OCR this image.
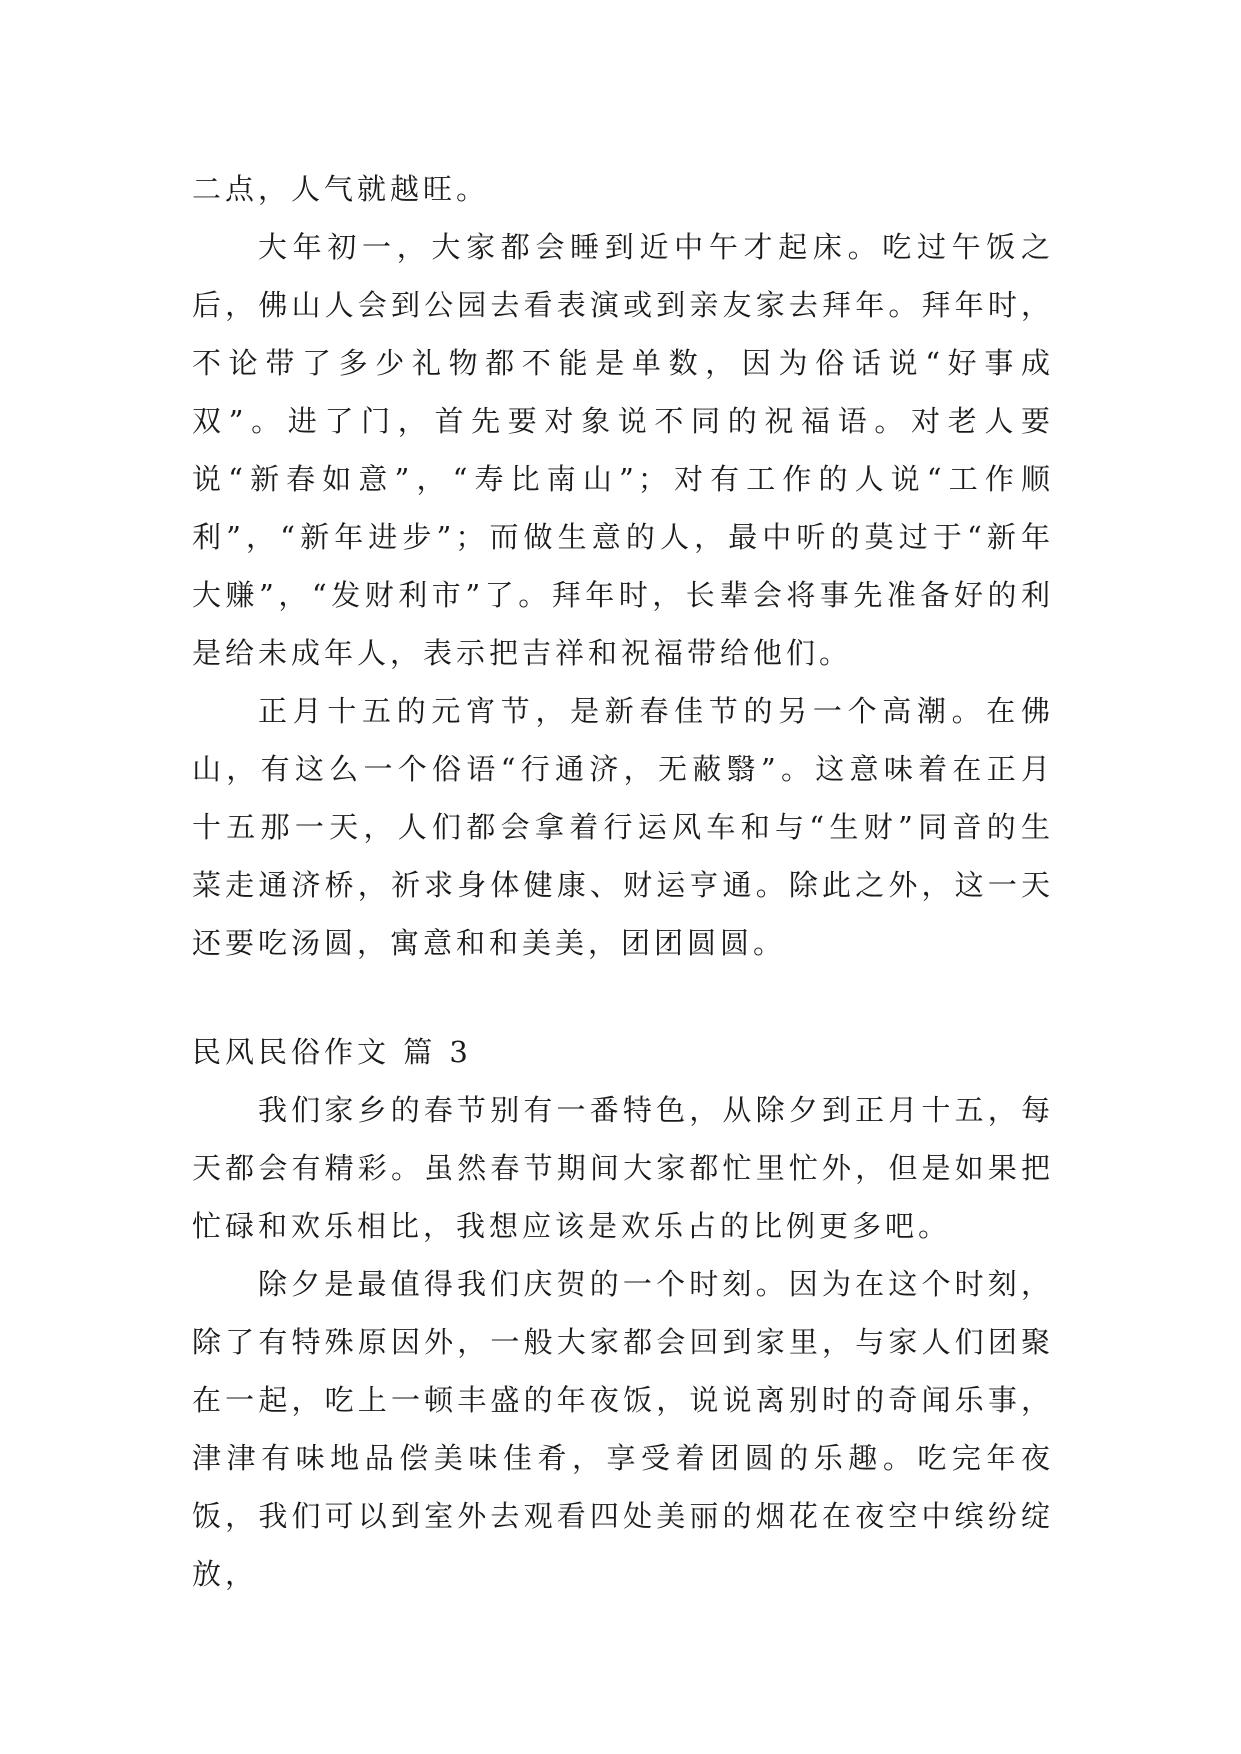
二点，人气就越旺。

大年初一，大家都会睡到近中午才起床。吃过午饭之后，佛山人会到公园去看表演或到亲友家去拜年。拜年时，不论带了多少礼物都不能是单数，因为俗话说“好事成双”。进了门，首先要对象说不同的祝福语。对老人要说“新春如意”，“寿比南山”；对有工作的人说“工作顺利”，“新年进步”；而做生意的人，最中听的莫过于“新年大赚”，“发财利市”了。拜年时，长辈会将事先准备好的利是给未成年人，表示把吉祥和祝福带给他们。

正月十五的元宵节，是新春佳节的另一个高潮。在佛山，有这么一个俗语“行通济，无蔽翳”。这意味着在正月十五那一天，人们都会拿着行运风车和与“生财”同音的生菜走通济桥，祈求身体健康、财运亨通。除此之外，这一天还要吃汤圆，寓意和和美美，团团圆圆。

民风民俗作文 篇 3

我们家乡的春节别有一番特色，从除夕到正月十五，每天都会有精彩。虽然春节期间大家都忙里忙外，但是如果把忙碌和欢乐相比，我想应该是欢乐占的比例更多吧。

除夕是最值得我们庆贺的一个时刻。因为在这个时刻，除了有特殊原因外，一般大家都会回到家里，与家人们团聚在一起，吃上一顿丰盛的年夜饭，说说离别时的奇闻乐事，津津有味地品偿美味佳肴，享受着团圆的乐趣。吃完年夜饭，我们可以到室外去观看四处美丽的烟花在夜空中缤纷绽放，
